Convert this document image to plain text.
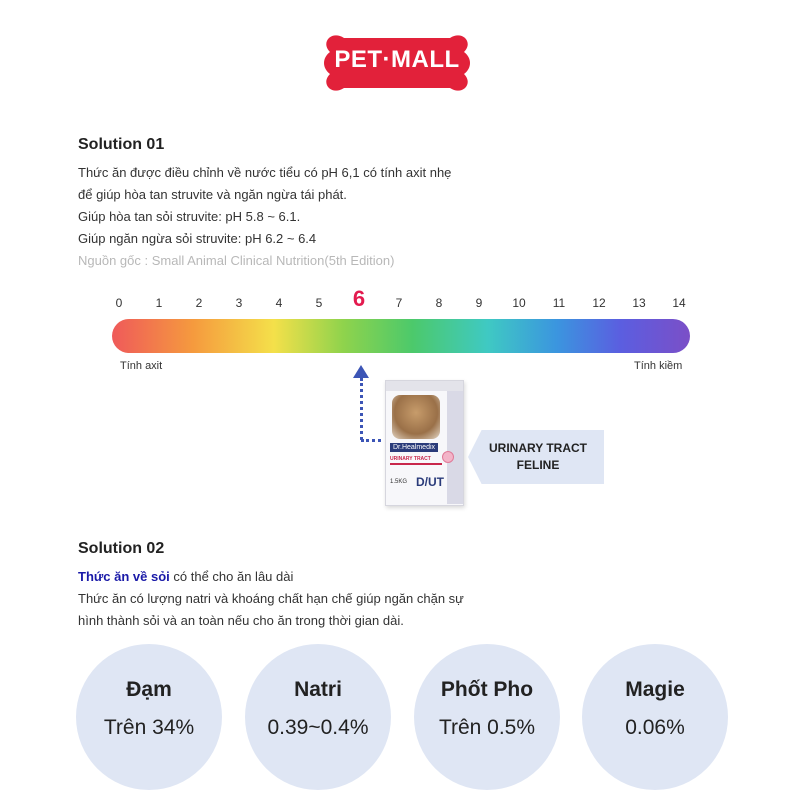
PET·MALL
Solution 01
Thức ăn được điều chỉnh về nước tiểu có pH 6,1 có tính axit nhẹ
để giúp hòa tan struvite và ngăn ngừa tái phát.
Giúp hòa tan sỏi struvite: pH 5.8 ~ 6.1.
Giúp ngăn ngừa sỏi struvite: pH 6.2 ~ 6.4
Nguồn gốc : Small Animal Clinical Nutrition(5th Edition)
0	1	2	3	4	5	6	7	8	9	10	11	12	13	14
Tính axit	Tính kiềm
Dr.Healmedix
URINARY TRACT
1.5KG D/UT
URINARY TRACT
FELINE
Solution 02
Thức ăn về sỏi có thể cho ăn lâu dài
Thức ăn có lượng natri và khoáng chất hạn chế giúp ngăn chặn sự
hình thành sỏi và an toàn nếu cho ăn trong thời gian dài.
Đạm
Trên 34%
Natri
0.39~0.4%
Phốt Pho
Trên 0.5%
Magie
0.06%
